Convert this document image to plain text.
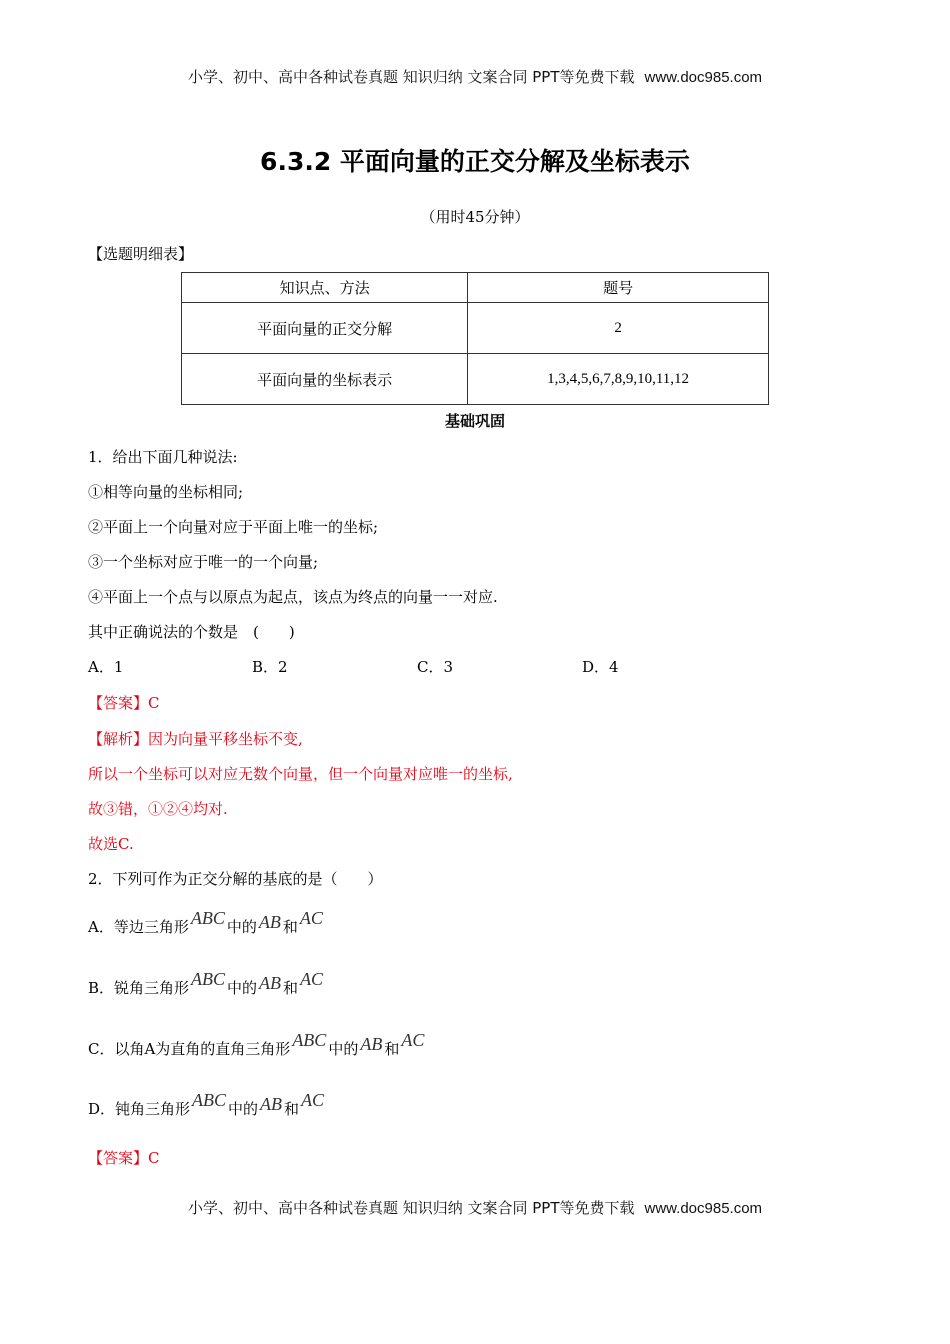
小学、初中、高中各种试卷真题 知识归纳 文案合同 PPT等免费下载 www.doc985.com
6.3.2 平面向量的正交分解及坐标表示
（用时45分钟）
【选题明细表】
知识点、方法	题号
平面向量的正交分解	2
平面向量的坐标表示	1,3,4,5,6,7,8,9,10,11,12
基础巩固
1．给出下面几种说法:
①相等向量的坐标相同;
②平面上一个向量对应于平面上唯一的坐标;
③一个坐标对应于唯一的一个向量;
④平面上一个点与以原点为起点，该点为终点的向量一一对应.
其中正确说法的个数是　(　　)
A．1	B．2	C．3	D．4
【答案】C
【解析】因为向量平移坐标不变,
所以一个坐标可以对应无数个向量，但一个向量对应唯一的坐标,
故③错，①②④均对.
故选C.
2．下列可作为正交分解的基底的是（　　）
A．等边三角形 ABC 中的 AB 和 AC
B．锐角三角形 ABC 中的 AB 和 AC
C．以角A为直角的直角三角形 ABC 中的 AB 和 AC
D．钝角三角形 ABC 中的 AB 和 AC
【答案】C
小学、初中、高中各种试卷真题 知识归纳 文案合同 PPT等免费下载 www.doc985.com
